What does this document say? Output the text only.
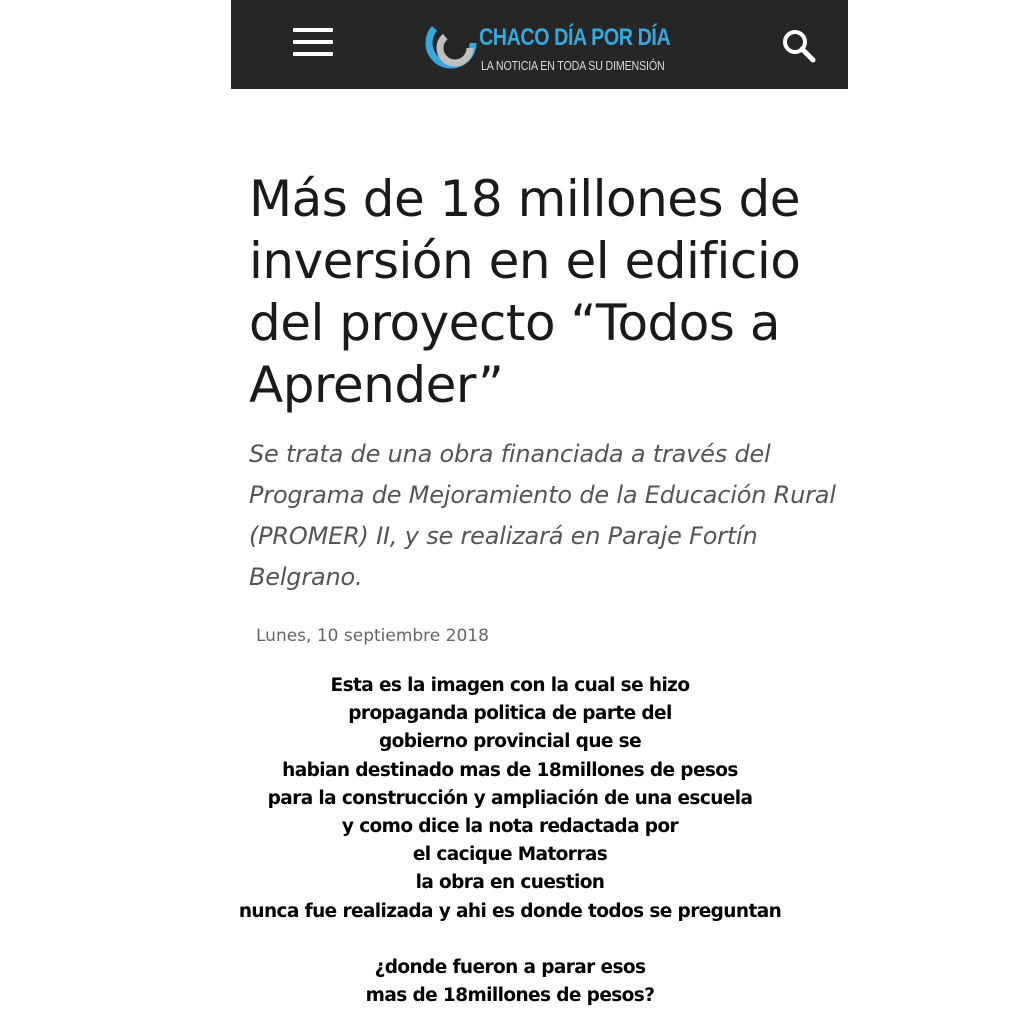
CHACO DÍA POR DÍA
LA NOTICIA EN TODA SU DIMENSIÓN
Más de 18 millones de inversión en el edificio del proyecto “Todos a Aprender”

Se trata de una obra financiada a través del Programa de Mejoramiento de la Educación Rural (PROMER) II, y se realizará en Paraje Fortín Belgrano.

Lunes, 10 septiembre 2018
Esta es la imagen con la cual se hizo
propaganda politica de parte del
gobierno provincial que se
habian destinado mas de 18millones de pesos
para la construcción y ampliación de una escuela
y como dice la nota redactada por
el cacique Matorras
la obra en cuestion
nunca fue realizada y ahi es donde todos se preguntan
¿donde fueron a parar esos
mas de 18millones de pesos?
